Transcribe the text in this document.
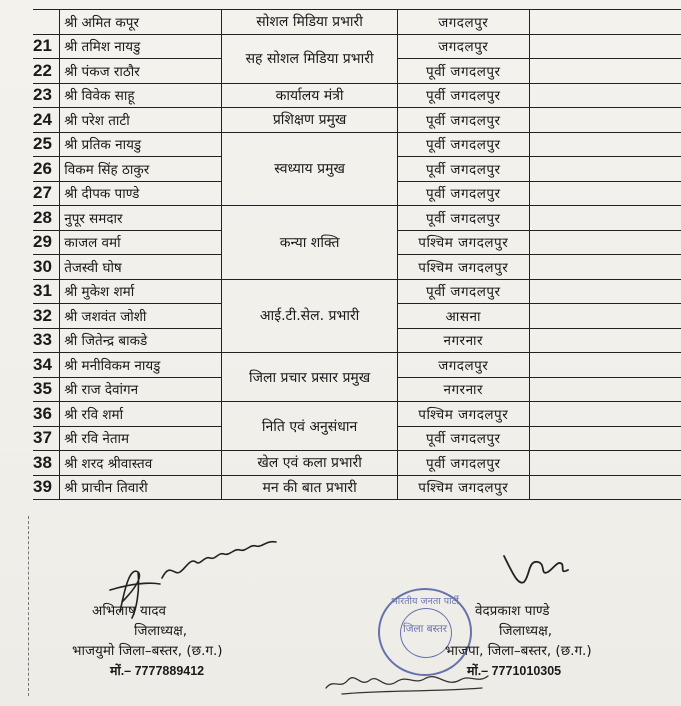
	श्री अमित कपूर	सोशल मिडिया प्रभारी	जगदलपुर	
21	श्री तमिश नायडु	सह सोशल मिडिया प्रभारी	जगदलपुर	
22	श्री पंकज राठौर		पूर्वी जगदलपुर	
23	श्री विवेक साहू	कार्यालय मंत्री	पूर्वी जगदलपुर	
24	श्री परेश ताटी	प्रशिक्षण प्रमुख	पूर्वी जगदलपुर	
25	श्री प्रतिक नायडु	स्वध्याय प्रमुख	पूर्वी जगदलपुर	
26	विकम सिंह ठाकुर		पूर्वी जगदलपुर	
27	श्री दीपक पाण्डे		पूर्वी जगदलपुर	
28	नुपूर समदार	कन्या शक्ति	पूर्वी जगदलपुर	
29	काजल वर्मा		पश्चिम जगदलपुर	
30	तेजस्वी घोष		पश्चिम जगदलपुर	
31	श्री मुकेश शर्मा	आई.टी.सेल. प्रभारी	पूर्वी जगदलपुर	
32	श्री जशवंत जोशी		आसना	
33	श्री जितेन्द्र बाकडे		नगरनार	
34	श्री मनीविकम नायडु	जिला प्रचार प्रसार प्रमुख	जगदलपुर	
35	श्री राज देवांगन		नगरनार	
36	श्री रवि शर्मा	निति एवं अनुसंधान	पश्चिम जगदलपुर	
37	श्री रवि नेताम		पूर्वी जगदलपुर	
38	श्री शरद श्रीवास्तव	खेल एवं कला प्रभारी	पूर्वी जगदलपुर	
39	श्री प्राचीन तिवारी	मन की बात प्रभारी	पश्चिम जगदलपुर	
भारतीय जनता पार्टी
जिला बस्तर
अभिलाष यादव
जिलाध्यक्ष,
भाजयुमो जिला–बस्तर, (छ.ग.)
मों.– 7777889412
वेदप्रकाश पाण्डे
जिलाध्यक्ष,
भाजपा, जिला–बस्तर, (छ.ग.)
मों.– 7771010305
